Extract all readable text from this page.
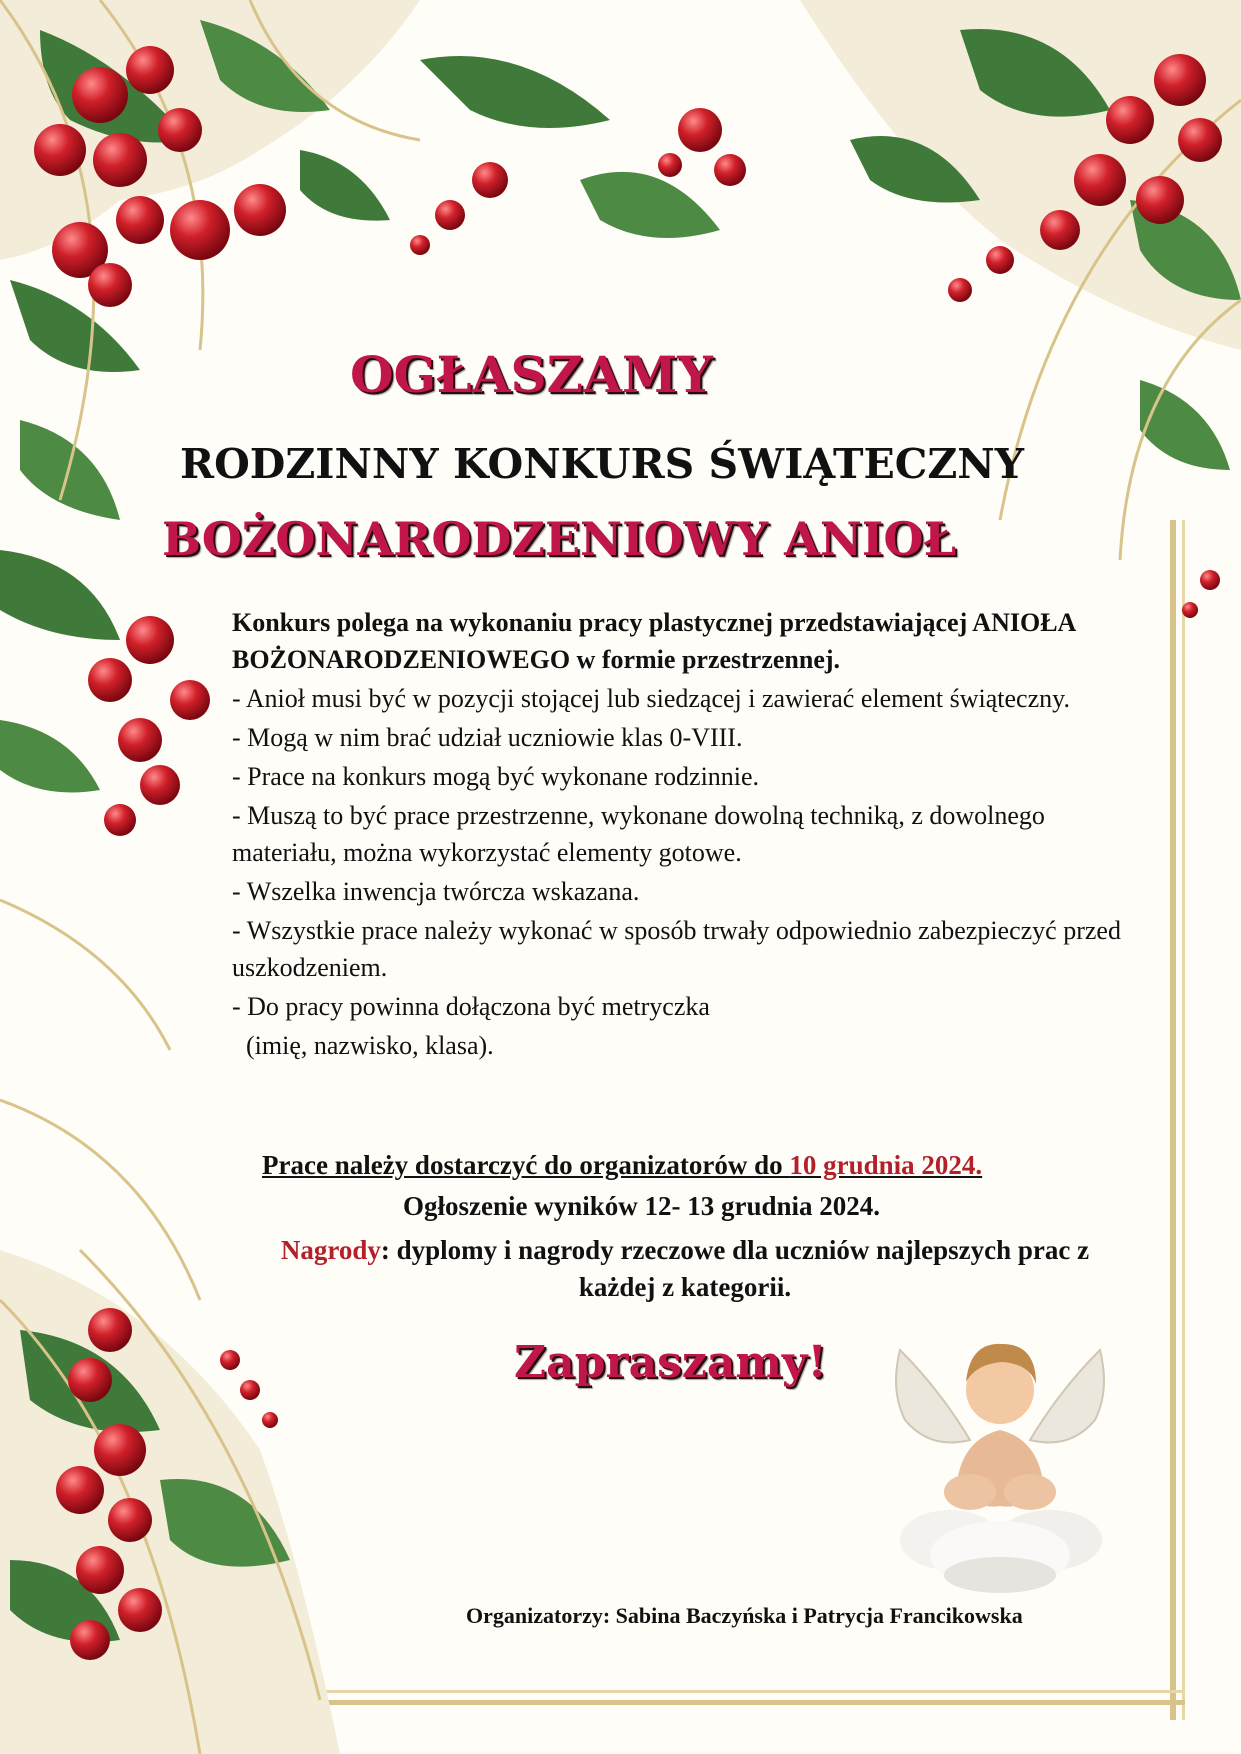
OGŁASZAMY
RODZINNY KONKURS ŚWIĄTECZNY
BOŻONARODZENIOWY ANIOŁ

Konkurs polega na wykonaniu pracy plastycznej przedstawiającej ANIOŁA BOŻONARODZENIOWEGO w formie przestrzennej.

- Anioł musi być w pozycji stojącej lub siedzącej i zawierać element świąteczny.

- Mogą w nim brać udział uczniowie klas 0-VIII.

- Prace na konkurs mogą być wykonane rodzinnie.

- Muszą to być prace przestrzenne, wykonane dowolną techniką, z dowolnego materiału, można wykorzystać elementy gotowe.

- Wszelka inwencja twórcza wskazana.

- Wszystkie prace należy wykonać w sposób trwały odpowiednio zabezpieczyć przed uszkodzeniem.

- Do pracy powinna dołączona być metryczka

(imię, nazwisko, klasa).

Prace należy dostarczyć do organizatorów do 10 grudnia 2024.
Ogłoszenie wyników 12- 13 grudnia 2024.
Nagrody: dyplomy i nagrody rzeczowe dla uczniów najlepszych prac z każdej z kategorii.
Zapraszamy!
Organizatorzy: Sabina Baczyńska i Patrycja Francikowska
